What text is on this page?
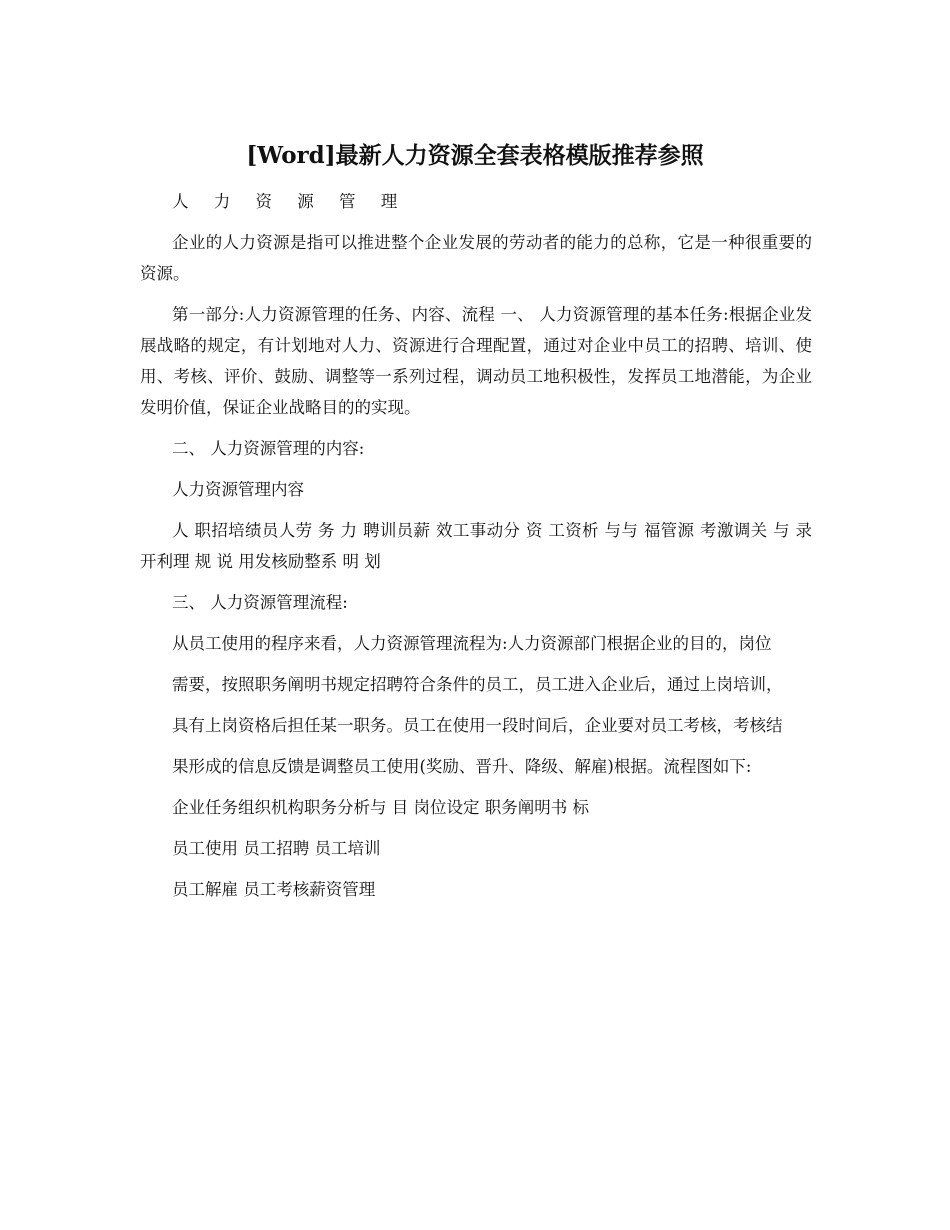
[Word]最新人力资源全套表格模版推荐参照

人 力 资 源 管 理

企业的人力资源是指可以推进整个企业发展的劳动者的能力的总称，它是一种很重要的资源。

第一部分:人力资源管理的任务、内容、流程 一、 人力资源管理的基本任务:根据企业发展战略的规定，有计划地对人力、资源进行合理配置，通过对企业中员工的招聘、培训、使用、考核、评价、鼓励、调整等一系列过程，调动员工地积极性，发挥员工地潜能，为企业发明价值，保证企业战略目的的实现。

二、 人力资源管理的内容:

人力资源管理内容

人 职招培绩员人劳 务 力 聘训员薪 效工事动分 资 工资析 与与 福管源 考激调关 与 录开利理 规 说 用发核励整系 明 划

三、 人力资源管理流程:

从员工使用的程序来看，人力资源管理流程为:人力资源部门根据企业的目的，岗位

需要，按照职务阐明书规定招聘符合条件的员工，员工进入企业后，通过上岗培训，

具有上岗资格后担任某一职务。员工在使用一段时间后，企业要对员工考核，考核结

果形成的信息反馈是调整员工使用(奖励、晋升、降级、解雇)根据。流程图如下:

企业任务组织机构职务分析与 目 岗位设定 职务阐明书 标

员工使用 员工招聘 员工培训

员工解雇 员工考核薪资管理
